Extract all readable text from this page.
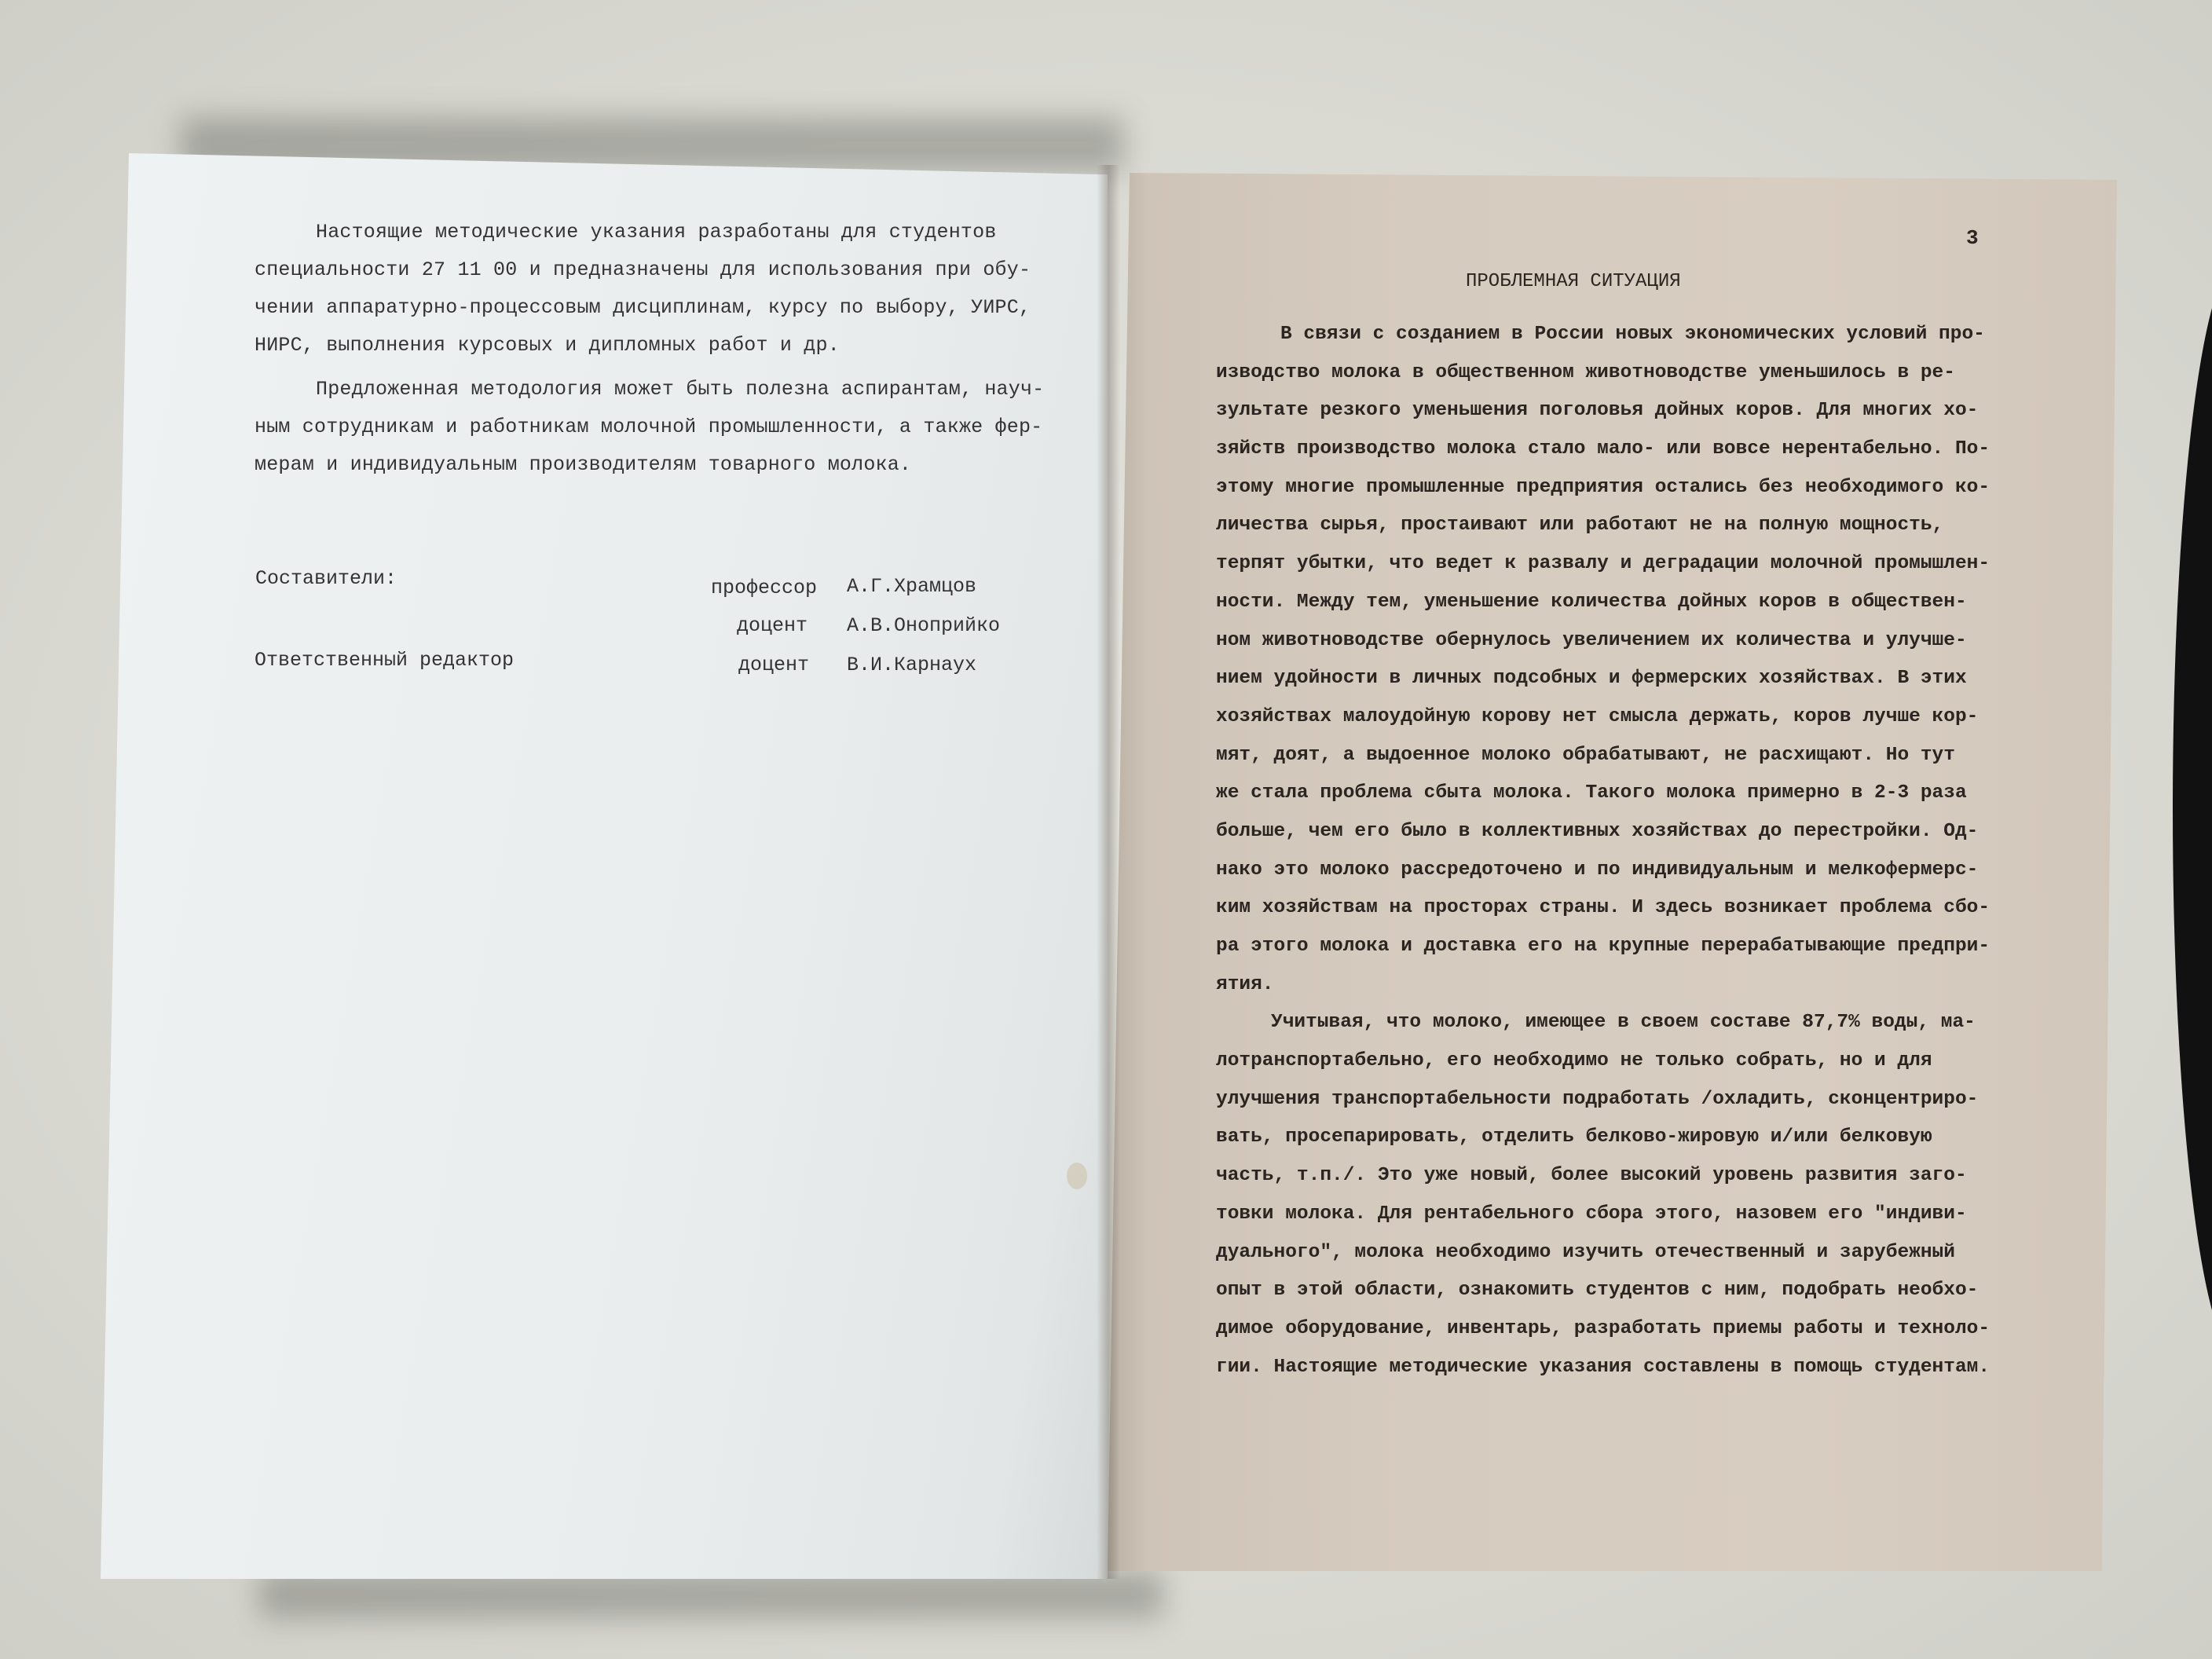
Настоящие методические указания разработаны для студентов
специальности 27 11 00 и предназначены для использования при обу-
чении аппаратурно-процессовым дисциплинам, курсу по выбору, УИРС,
НИРС, выполнения курсовых и дипломных работ и др.
Предложенная методология может быть полезна аспирантам, науч-
ным сотрудникам и работникам молочной промышленности, а также фер-
мерам и индивидуальным производителям товарного молока.
Составители:
Ответственный редактор
профессор А.Г.Храмцов
доцент А.В.Оноприйко
доцент В.И.Карнаух
3
ПРОБЛЕМНАЯ СИТУАЦИЯ
В связи с созданием в России новых экономических условий про-
изводство молока в общественном животноводстве уменьшилось в ре-
зультате резкого уменьшения поголовья дойных коров. Для многих хо-
зяйств производство молока стало мало- или вовсе нерентабельно. По-
этому многие промышленные предприятия остались без необходимого ко-
личества сырья, простаивают или работают не на полную мощность,
терпят убытки, что ведет к развалу и деградации молочной промышлен-
ности. Между тем, уменьшение количества дойных коров в обществен-
ном животноводстве обернулось увеличением их количества и улучше-
нием удойности в личных подсобных и фермерских хозяйствах. В этих
хозяйствах малоудойную корову нет смысла держать, коров лучше кор-
мят, доят, а выдоенное молоко обрабатывают, не расхищают. Но тут
же стала проблема сбыта молока. Такого молока примерно в 2-3 раза
больше, чем его было в коллективных хозяйствах до перестройки. Од-
нако это молоко рассредоточено и по индивидуальным и мелкофермерс-
ким хозяйствам на просторах страны. И здесь возникает проблема сбо-
ра этого молока и доставка его на крупные перерабатывающие предпри-
ятия.
Учитывая, что молоко, имеющее в своем составе 87,7% воды, ма-
лотранспортабельно, его необходимо не только собрать, но и для
улучшения транспортабельности подработать /охладить, сконцентриро-
вать, просепарировать, отделить белково-жировую и/или белковую
часть, т.п./. Это уже новый, более высокий уровень развития заго-
товки молока. Для рентабельного сбора этого, назовем его "индиви-
дуального", молока необходимо изучить отечественный и зарубежный
опыт в этой области, ознакомить студентов с ним, подобрать необхо-
димое оборудование, инвентарь, разработать приемы работы и техноло-
гии. Настоящие методические указания составлены в помощь студентам.
